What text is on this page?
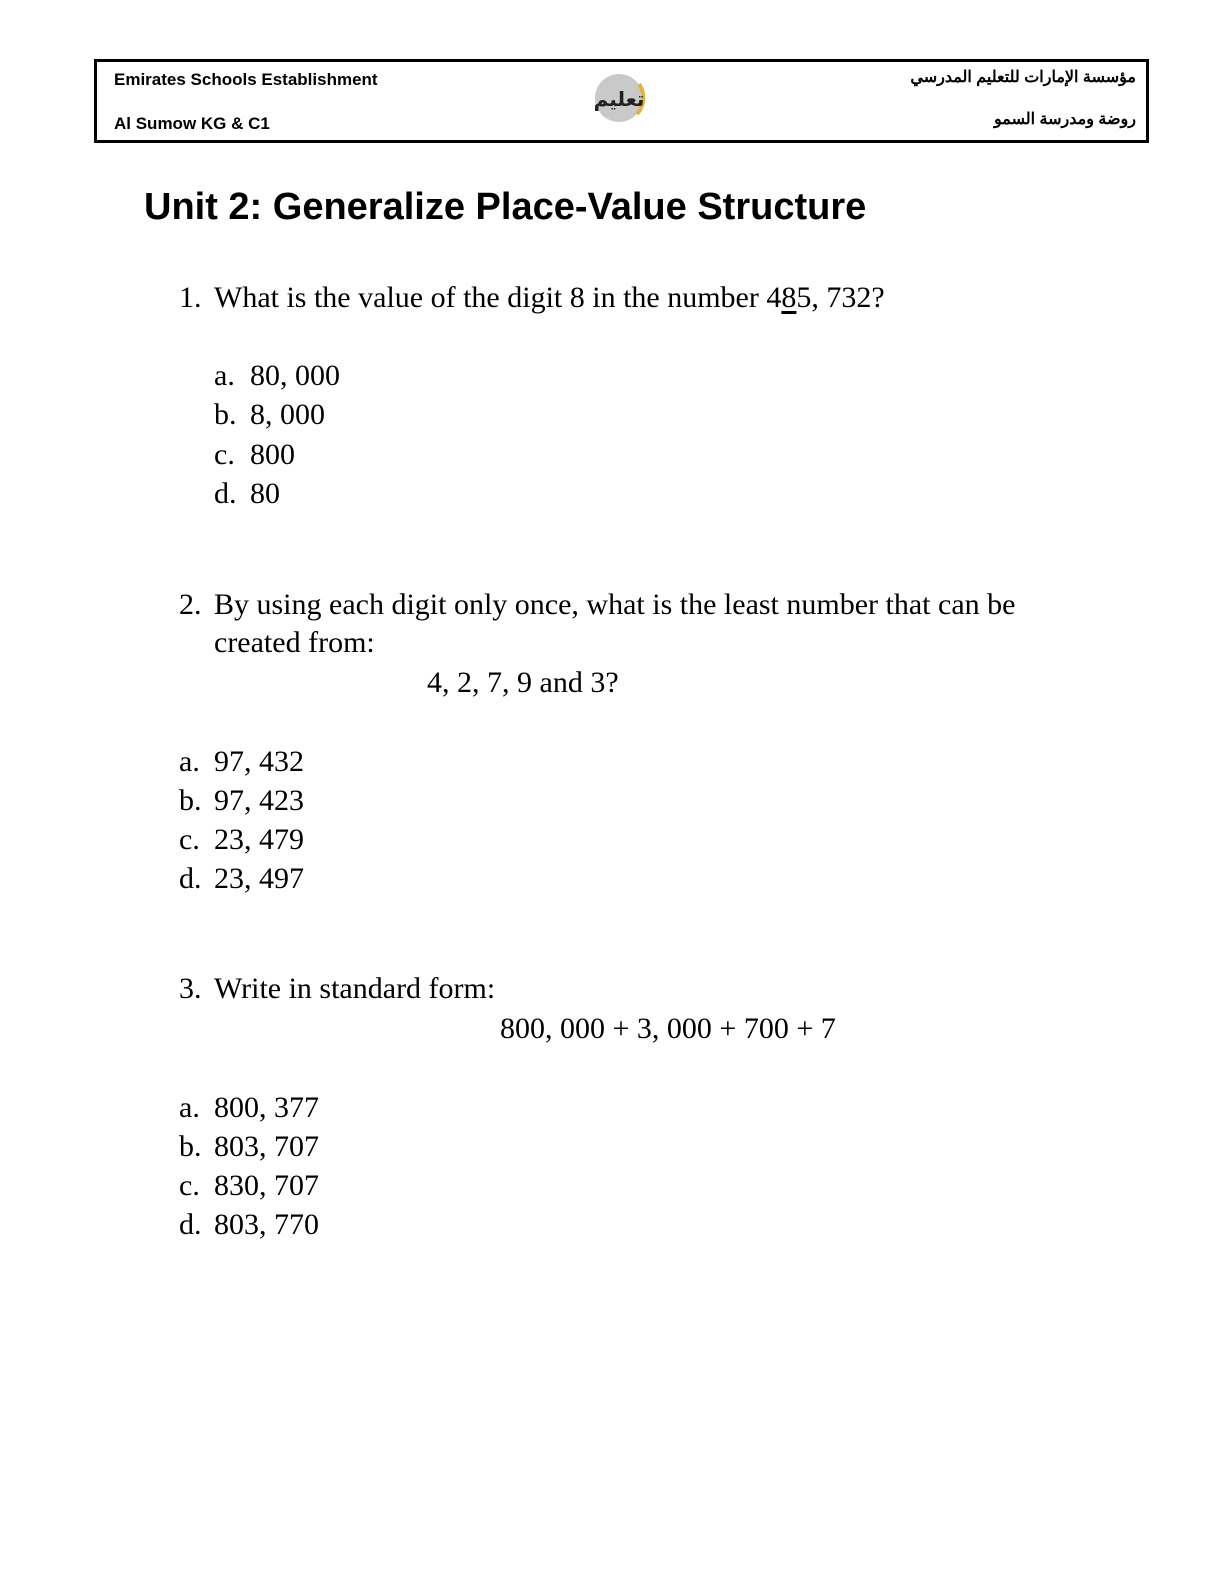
Emirates Schools Establishment
Al Sumow KG & C1
مؤسسة الإمارات للتعليم المدرسي
روضة ومدرسة السمو
تعليم
Unit 2: Generalize Place-Value Structure
1. What is the value of the digit 8 in the number 485, 732?
a. 80, 000
b. 8, 000
c. 800
d. 80
2. By using each digit only once, what is the least number that can be
created from:
4, 2, 7, 9 and 3?
a. 97, 432
b. 97, 423
c. 23, 479
d. 23, 497
3. Write in standard form:
800, 000 + 3, 000 + 700 + 7
a. 800, 377
b. 803, 707
c. 830, 707
d. 803, 770
